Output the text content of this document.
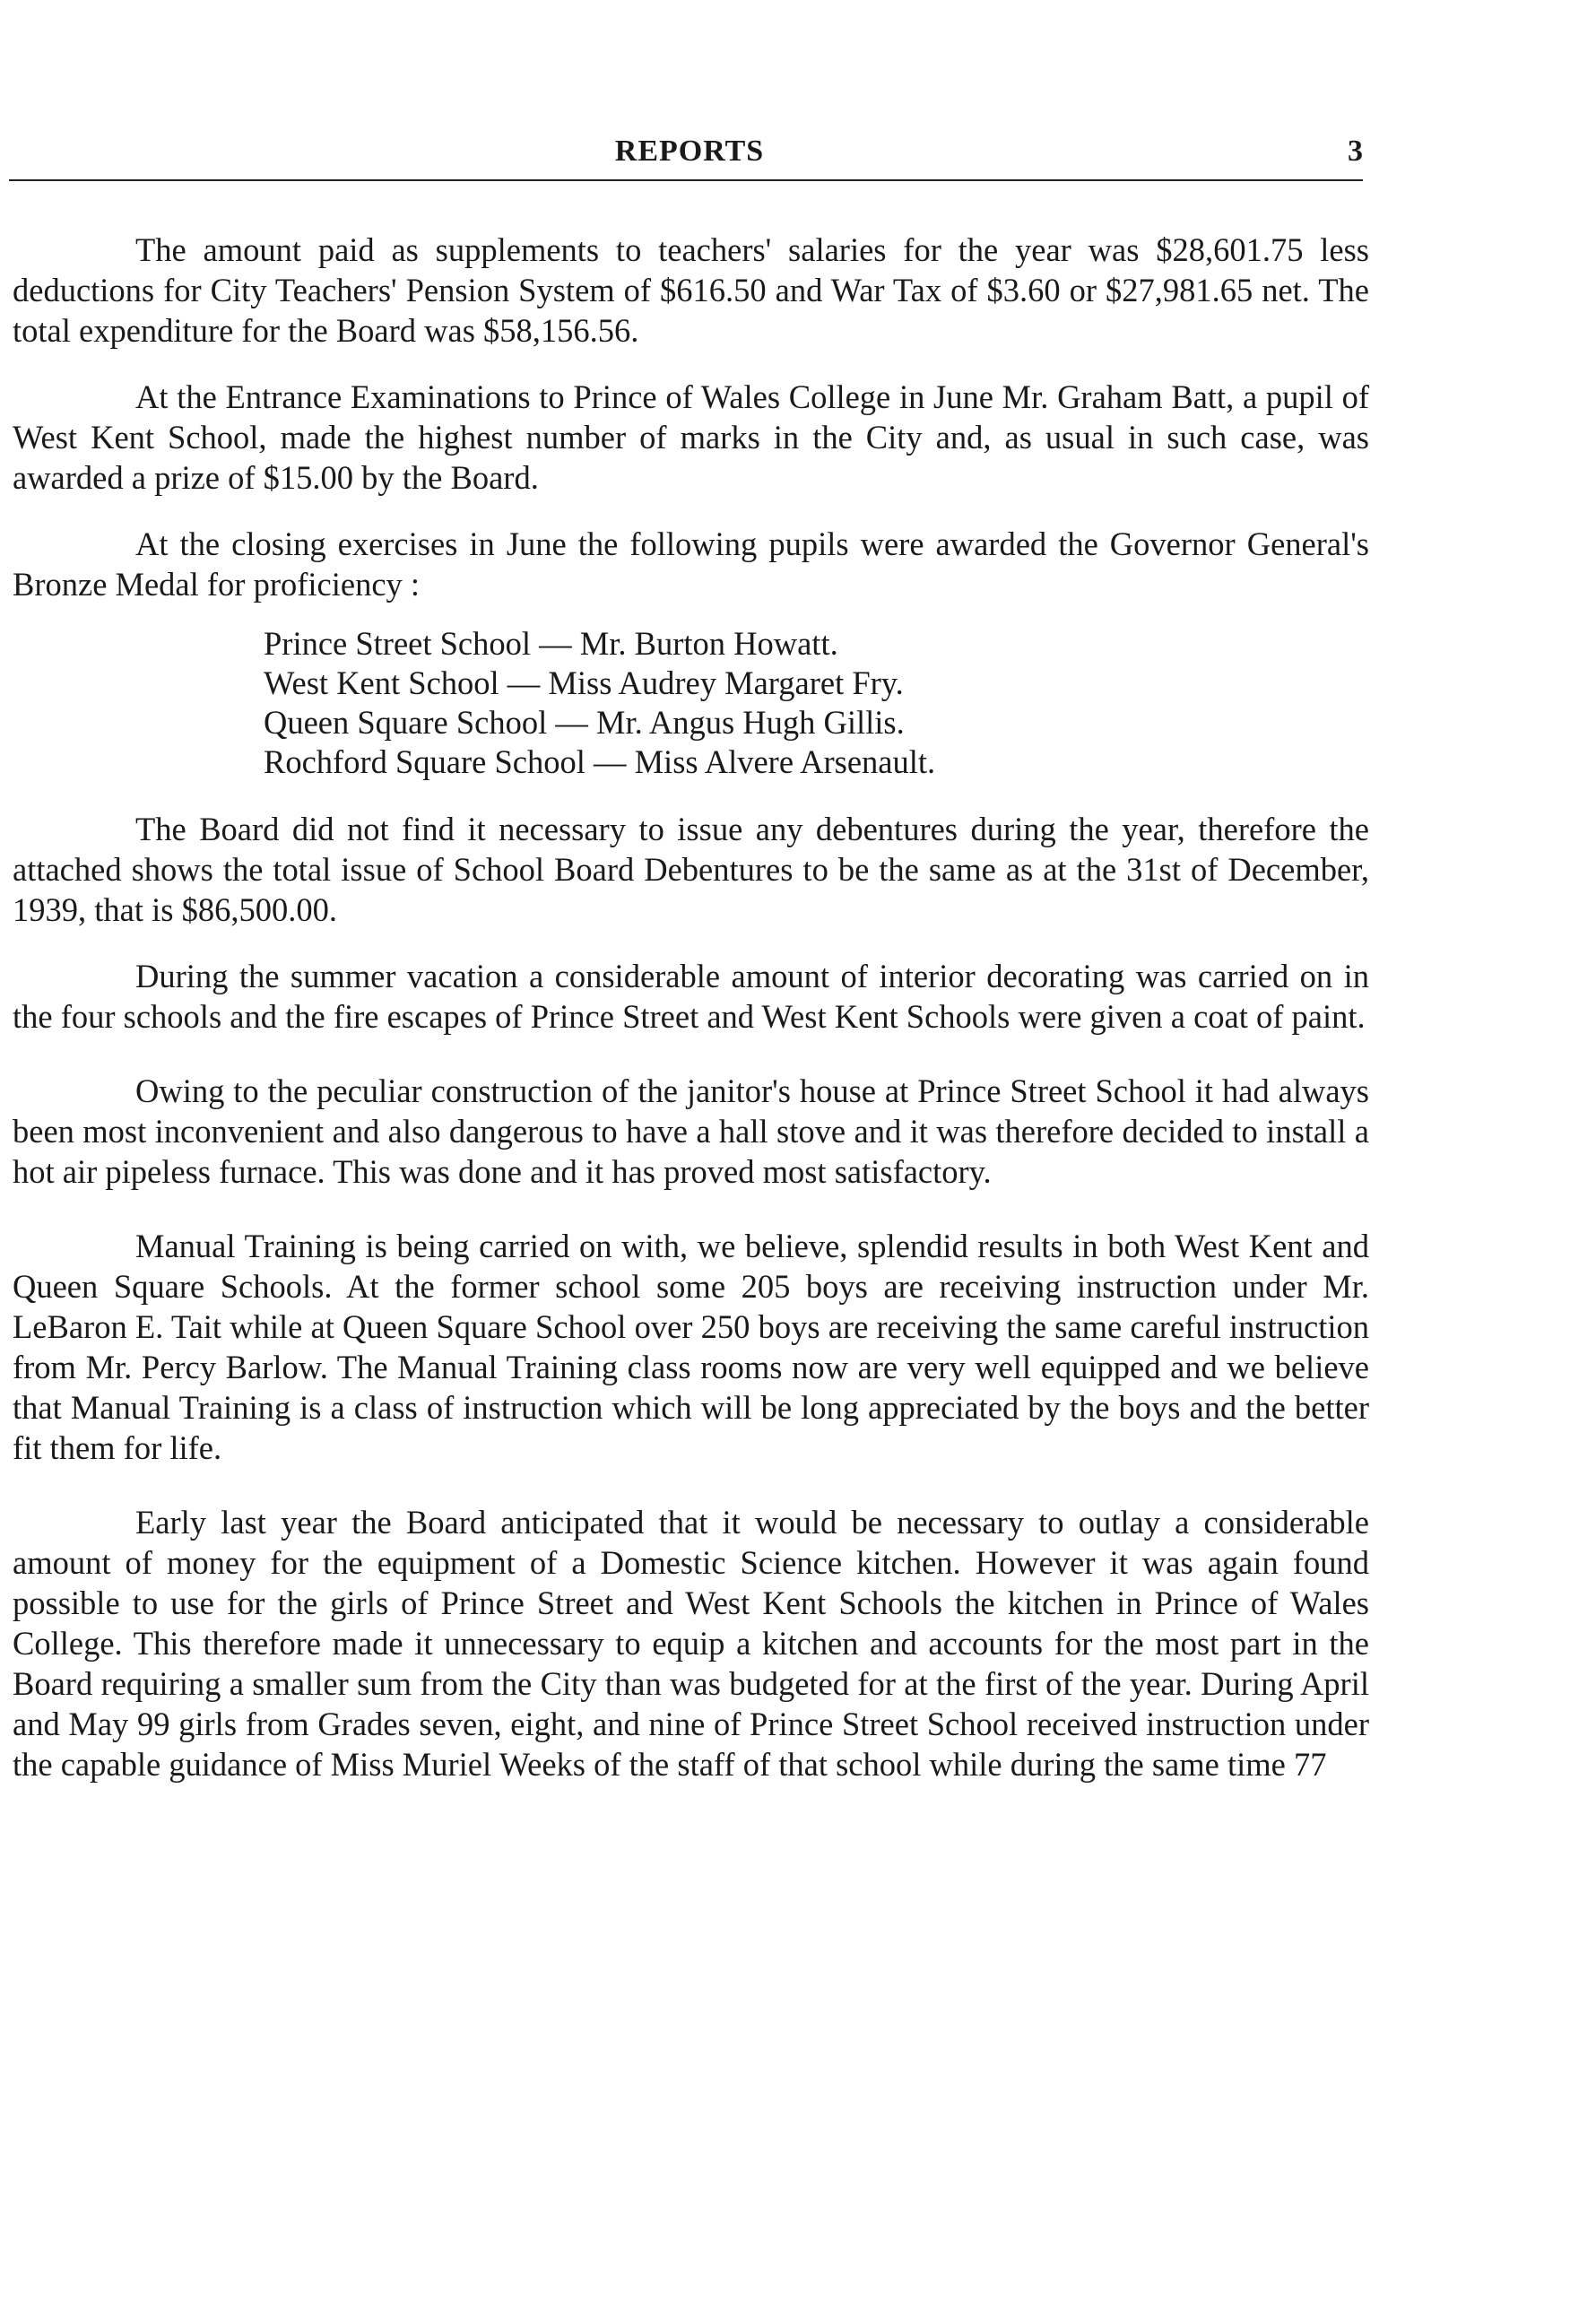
REPORTS	3

The amount paid as supplements to teachers' salaries for the year was $28,601.75 less deductions for City Teachers' Pension System of $616.50 and War Tax of $3.60 or $27,981.65 net. The total expenditure for the Board was $58,156.56.

At the Entrance Examinations to Prince of Wales College in June Mr. Graham Batt, a pupil of West Kent School, made the highest number of marks in the City and, as usual in such case, was awarded a prize of $15.00 by the Board.

At the closing exercises in June the following pupils were awarded the Governor General's Bronze Medal for proficiency :

Prince Street School — Mr. Burton Howatt.
West Kent School — Miss Audrey Margaret Fry.
Queen Square School — Mr. Angus Hugh Gillis.
Rochford Square School — Miss Alvere Arsenault.

The Board did not find it necessary to issue any debentures during the year, therefore the attached shows the total issue of School Board Debentures to be the same as at the 31st of December, 1939, that is $86,500.00.

During the summer vacation a considerable amount of interior decorating was carried on in the four schools and the fire escapes of Prince Street and West Kent Schools were given a coat of paint.

Owing to the peculiar construction of the janitor's house at Prince Street School it had always been most inconvenient and also dangerous to have a hall stove and it was therefore decided to install a hot air pipeless furnace. This was done and it has proved most satisfactory.

Manual Training is being carried on with, we believe, splendid results in both West Kent and Queen Square Schools. At the former school some 205 boys are receiving instruction under Mr. LeBaron E. Tait while at Queen Square School over 250 boys are receiving the same careful instruction from Mr. Percy Barlow. The Manual Training class rooms now are very well equipped and we believe that Manual Training is a class of instruction which will be long appreciated by the boys and the better fit them for life.

Early last year the Board anticipated that it would be necessary to outlay a considerable amount of money for the equipment of a Domestic Science kitchen. However it was again found possible to use for the girls of Prince Street and West Kent Schools the kitchen in Prince of Wales College. This therefore made it unnecessary to equip a kitchen and accounts for the most part in the Board requiring a smaller sum from the City than was budgeted for at the first of the year. During April and May 99 girls from Grades seven, eight, and nine of Prince Street School received instruction under the capable guidance of Miss Muriel Weeks of the staff of that school while during the same time 77
